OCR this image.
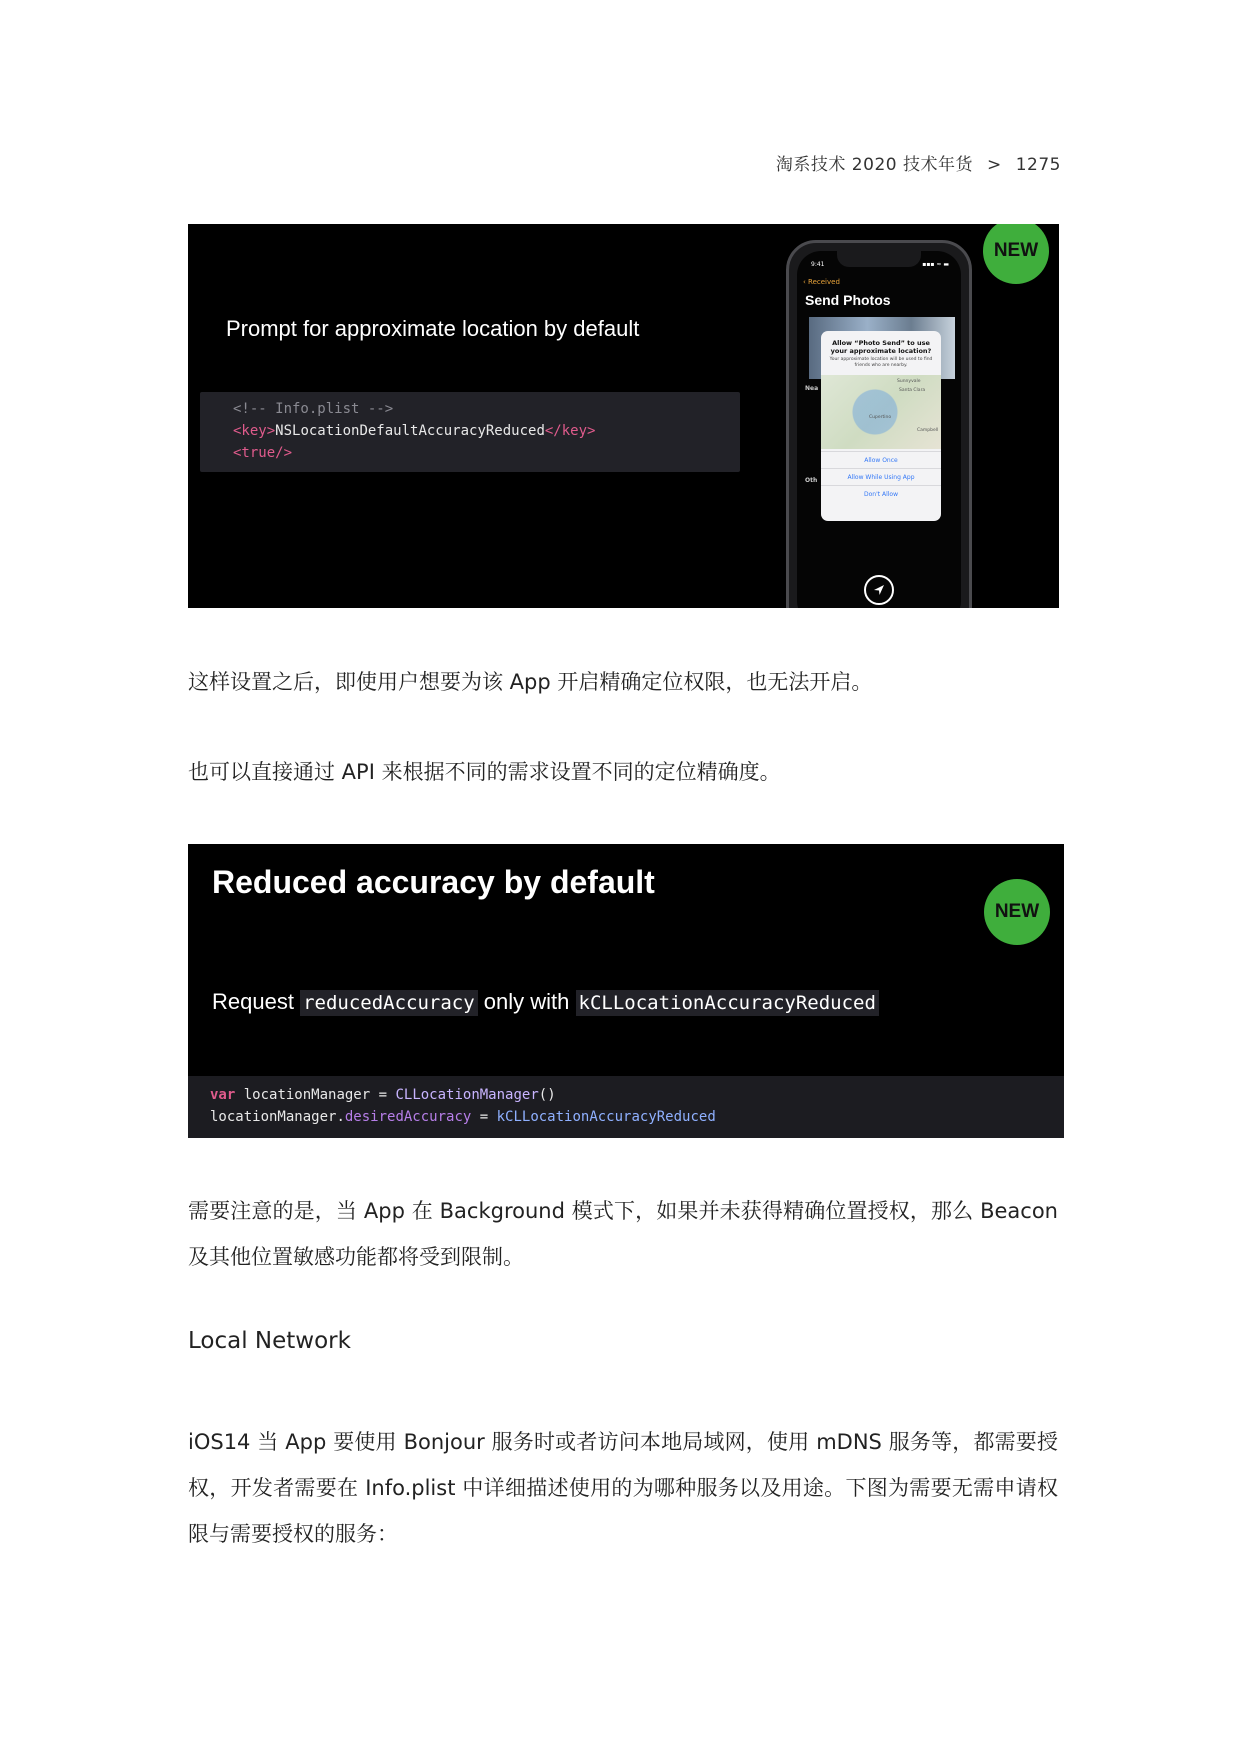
淘系技术 2020 技术年货 > 1275
Prompt for approximate location by default
<!-- Info.plist -->
<key>NSLocationDefaultAccuracyReduced</key>
<true/>
9:41	▪▪▪ ≈ ▬
‹ Received
Send Photos
Nea
Oth
Allow “Photo Send” to use your approximate location?
Your approximate location will be used to find friends who are nearby.
Sunnyvale
Santa Clara
Cupertino
Campbell
Allow Once
Allow While Using App
Don't Allow
NEW
这样设置之后，即使用户想要为该 App 开启精确定位权限，也无法开启。
也可以直接通过 API 来根据不同的需求设置不同的定位精确度。
Reduced accuracy by default
NEW
Request reducedAccuracy only with kCLLocationAccuracyReduced
var locationManager = CLLocationManager()
locationManager.desiredAccuracy = kCLLocationAccuracyReduced
需要注意的是，当 App 在 Background 模式下，如果并未获得精确位置授权，那么 Beacon 及其他位置敏感功能都将受到限制。
Local Network
iOS14 当 App 要使用 Bonjour 服务时或者访问本地局域网，使用 mDNS 服务等，都需要授权，开发者需要在 Info.plist 中详细描述使用的为哪种服务以及用途。下图为需要无需申请权限与需要授权的服务：
